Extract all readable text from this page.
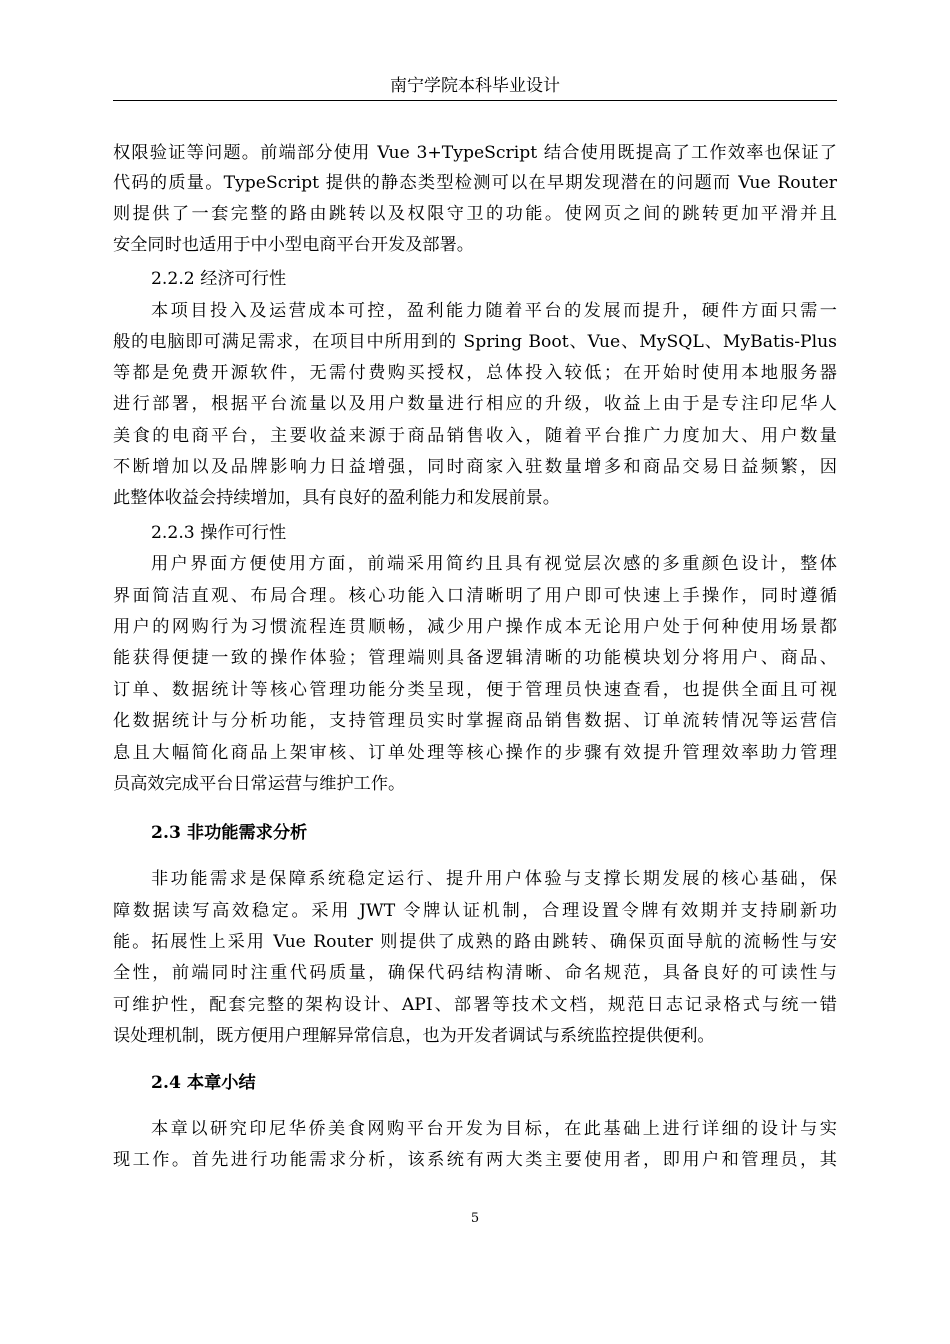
南宁学院本科毕业设计
权限验证等问题。前端部分使用 Vue 3+TypeScript 结合使用既提高了工作效率也保证了
代码的质量。TypeScript 提供的静态类型检测可以在早期发现潜在的问题而 Vue Router
则提供了一套完整的路由跳转以及权限守卫的功能。使网页之间的跳转更加平滑并且
安全同时也适用于中小型电商平台开发及部署。
2.2.2 经济可行性
本项目投入及运营成本可控，盈利能力随着平台的发展而提升，硬件方面只需一
般的电脑即可满足需求，在项目中所用到的 Spring Boot、Vue、MySQL、MyBatis-Plus
等都是免费开源软件，无需付费购买授权，总体投入较低；在开始时使用本地服务器
进行部署，根据平台流量以及用户数量进行相应的升级，收益上由于是专注印尼华人
美食的电商平台，主要收益来源于商品销售收入，随着平台推广力度加大、用户数量
不断增加以及品牌影响力日益增强，同时商家入驻数量增多和商品交易日益频繁，因
此整体收益会持续增加，具有良好的盈利能力和发展前景。
2.2.3 操作可行性
用户界面方便使用方面，前端采用简约且具有视觉层次感的多重颜色设计，整体
界面简洁直观、布局合理。核心功能入口清晰明了用户即可快速上手操作，同时遵循
用户的网购行为习惯流程连贯顺畅，减少用户操作成本无论用户处于何种使用场景都
能获得便捷一致的操作体验；管理端则具备逻辑清晰的功能模块划分将用户、商品、
订单、数据统计等核心管理功能分类呈现，便于管理员快速查看，也提供全面且可视
化数据统计与分析功能，支持管理员实时掌握商品销售数据、订单流转情况等运营信
息且大幅简化商品上架审核、订单处理等核心操作的步骤有效提升管理效率助力管理
员高效完成平台日常运营与维护工作。
2.3 非功能需求分析
非功能需求是保障系统稳定运行、提升用户体验与支撑长期发展的核心基础，保
障数据读写高效稳定。采用 JWT 令牌认证机制，合理设置令牌有效期并支持刷新功
能。拓展性上采用 Vue Router 则提供了成熟的路由跳转、确保页面导航的流畅性与安
全性，前端同时注重代码质量，确保代码结构清晰、命名规范，具备良好的可读性与
可维护性，配套完整的架构设计、API、部署等技术文档，规范日志记录格式与统一错
误处理机制，既方便用户理解异常信息，也为开发者调试与系统监控提供便利。
2.4 本章小结
本章以研究印尼华侨美食网购平台开发为目标，在此基础上进行详细的设计与实
现工作。首先进行功能需求分析，该系统有两大类主要使用者，即用户和管理员，其
5
